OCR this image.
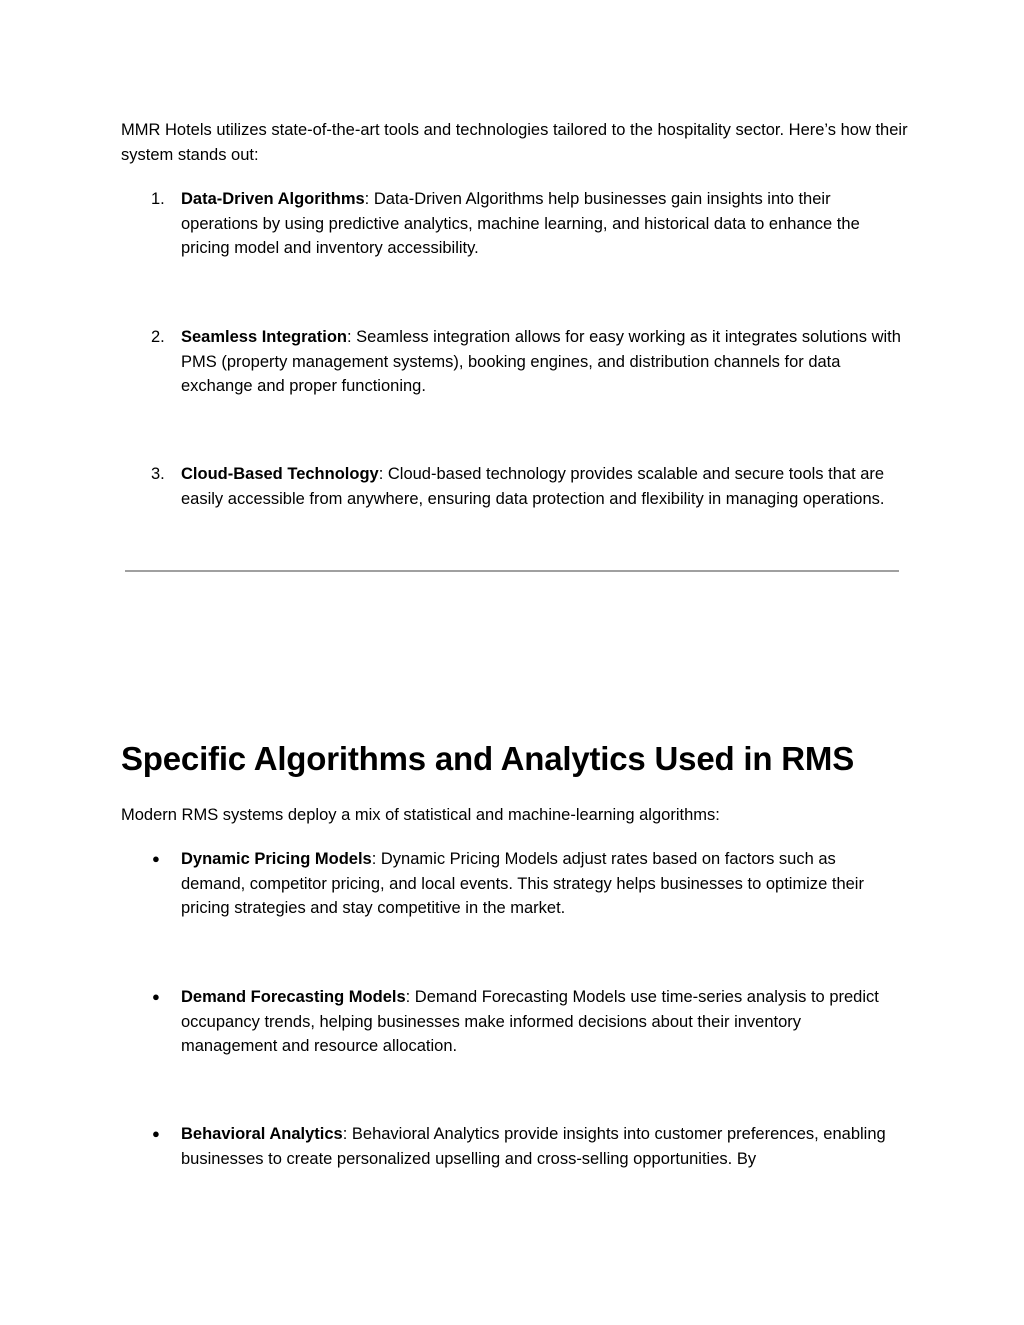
MMR Hotels utilizes state-of-the-art tools and technologies tailored to the hospitality sector. Here’s how their system stands out:

1. Data-Driven Algorithms: Data-Driven Algorithms help businesses gain insights into their operations by using predictive analytics, machine learning, and historical data to enhance the pricing model and inventory accessibility.
2. Seamless Integration: Seamless integration allows for easy working as it integrates solutions with PMS (property management systems), booking engines, and distribution channels for data exchange and proper functioning.
3. Cloud-Based Technology: Cloud-based technology provides scalable and secure tools that are easily accessible from anywhere, ensuring data protection and flexibility in managing operations.
Specific Algorithms and Analytics Used in RMS

Modern RMS systems deploy a mix of statistical and machine-learning algorithms:

●	Dynamic Pricing Models: Dynamic Pricing Models adjust rates based on factors such as demand, competitor pricing, and local events. This strategy helps businesses to optimize their pricing strategies and stay competitive in the market.
●	Demand Forecasting Models: Demand Forecasting Models use time-series analysis to predict occupancy trends, helping businesses make informed decisions about their inventory management and resource allocation.
●	Behavioral Analytics: Behavioral Analytics provide insights into customer preferences, enabling businesses to create personalized upselling and cross-selling opportunities. By
